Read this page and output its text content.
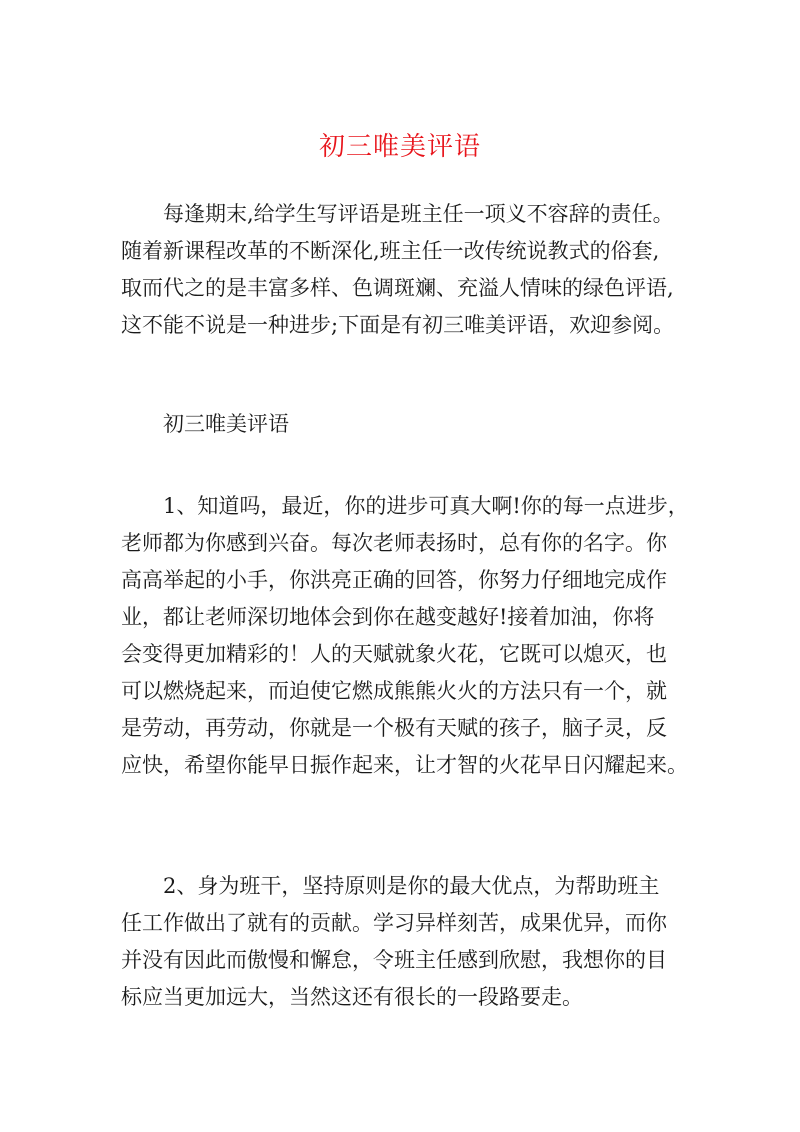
初三唯美评语
　　每逢期末,给学生写评语是班主任一项义不容辞的责任。
随着新课程改革的不断深化,班主任一改传统说教式的俗套,
取而代之的是丰富多样、色调斑斓、充溢人情味的绿色评语,
这不能不说是一种进步;下面是有初三唯美评语，欢迎参阅。
　　初三唯美评语
　　1、知道吗，最近，你的进步可真大啊!你的每一点进步，
老师都为你感到兴奋。每次老师表扬时，总有你的名字。你
高高举起的小手，你洪亮正确的回答，你努力仔细地完成作
业，都让老师深切地体会到你在越变越好!接着加油，你将
会变得更加精彩的！人的天赋就象火花，它既可以熄灭，也
可以燃烧起来，而迫使它燃成熊熊火火的方法只有一个，就
是劳动，再劳动，你就是一个极有天赋的孩子，脑子灵，反
应快，希望你能早日振作起来，让才智的火花早日闪耀起来。
　　2、身为班干，坚持原则是你的最大优点，为帮助班主
任工作做出了就有的贡献。学习异样刻苦，成果优异，而你
并没有因此而傲慢和懈怠，令班主任感到欣慰，我想你的目
标应当更加远大，当然这还有很长的一段路要走。
